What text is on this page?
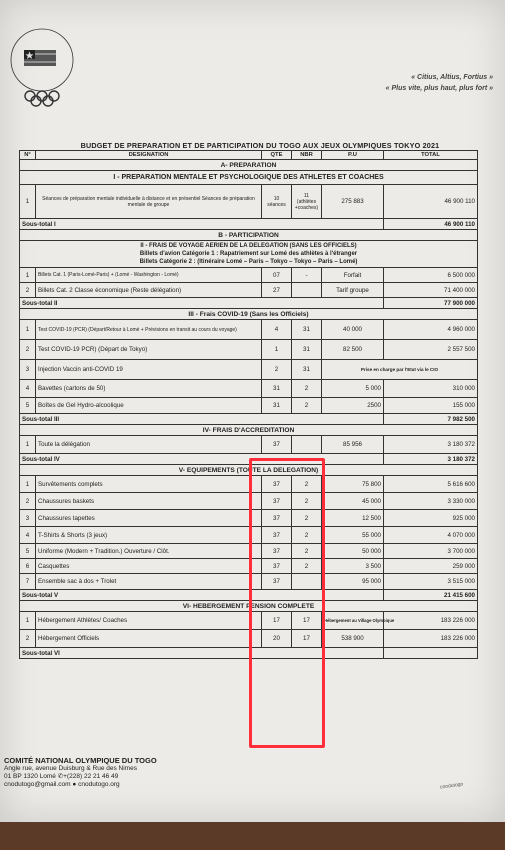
« Citius, Altius, Fortius »
« Plus vite, plus haut, plus fort »
BUDGET DE PREPARATION ET DE PARTICIPATION DU TOGO AUX JEUX OLYMPIQUES TOKYO 2021
N°	DESIGNATION	QTE	NBR	P.U	TOTAL
A- PREPARATION					
I - PREPARATION MENTALE ET PSYCHOLOGIQUE DES ATHLETES ET COACHES					
1	Séances de préparation mentale individuelle à distance et en présentiel Séances de préparation mentale de groupe	10 séances	11 (athlètes +coaches)	275 883	46 900 110
Sous-total I					46 900 110
B - PARTICIPATION					

II - FRAIS DE VOYAGE AERIEN DE LA DELEGATION (SANS LES OFFICIELS)
Billets d'avion Catégorie 1 : Rapatriement sur Lomé des athlètes à l'étranger
Billets Catégorie 2 : (Itinéraire Lomé – Paris – Tokyo – Tokyo – Paris – Lomé)					

1	Billets Cat. 1 (Paris-Lomé-Paris) + (Lomé - Washington - Lomé)	07	-	Forfait	6 500 000
2	Billets Cat. 2 Classe économique (Reste délégation)	27		Tarif groupe	71 400 000
Sous-total II					77 900 000
III - Frais COVID-19 (Sans les Officiels)					
1	Test COVID-19 (PCR) (Départ/Retour à Lomé + Prévisions en transit au cours du voyage)	4	31	40 000	4 960 000
2	Test COVID-19 PCR) (Départ de Tokyo)	1	31	82 500	2 557 500
3	Injection Vaccin anti-COVID 19	2	31	Prise en charge par l'Etat via le CIO	
4	Bavettes (cartons de 50)	31	2	5 000	310 000
5	Boîtes de Gel Hydro-alcoolique	31	2	2500	155 000
Sous-total III					7 982 500
IV- FRAIS D'ACCREDITATION					
1	Toute la délégation	37		85 956	3 180 372
Sous-total IV					3 180 372
V- EQUIPEMENTS (TOUTE LA DELEGATION)					
1	Survêtements complets	37	2	75 800	5 616 600
2	Chaussures baskets	37	2	45 000	3 330 000
3	Chaussures tapettes	37	2	12 500	925 000
4	T-Shirts & Shorts (3 jeux)	37	2	55 000	4 070 000
5	Uniforme (Modern + Tradition.) Ouverture / Clôt.	37	2	50 000	3 700 000
6	Casquettes	37	2	3 500	259 000
7	Ensemble sac à dos + Trolet	37		95 000	3 515 000
Sous-total V					21 415 600
VI- HEBERGEMENT PENSION COMPLETE					
1	Hébergement Athlètes/ Coaches	17	17	Hébergement au Village Olympique	183 226 000
2	Hébergement Officiels	20	17	538 900	183 226 000
Sous-total VI					
COMITÉ NATIONAL OLYMPIQUE DU TOGO
Angle rue, avenue Duisburg & Rue des Nimes
01 BP 1320 Lomé ✆+(228) 22 21 46 49
cnodutogo@gmail.com ● cnodutogo.org	cnodutogo
